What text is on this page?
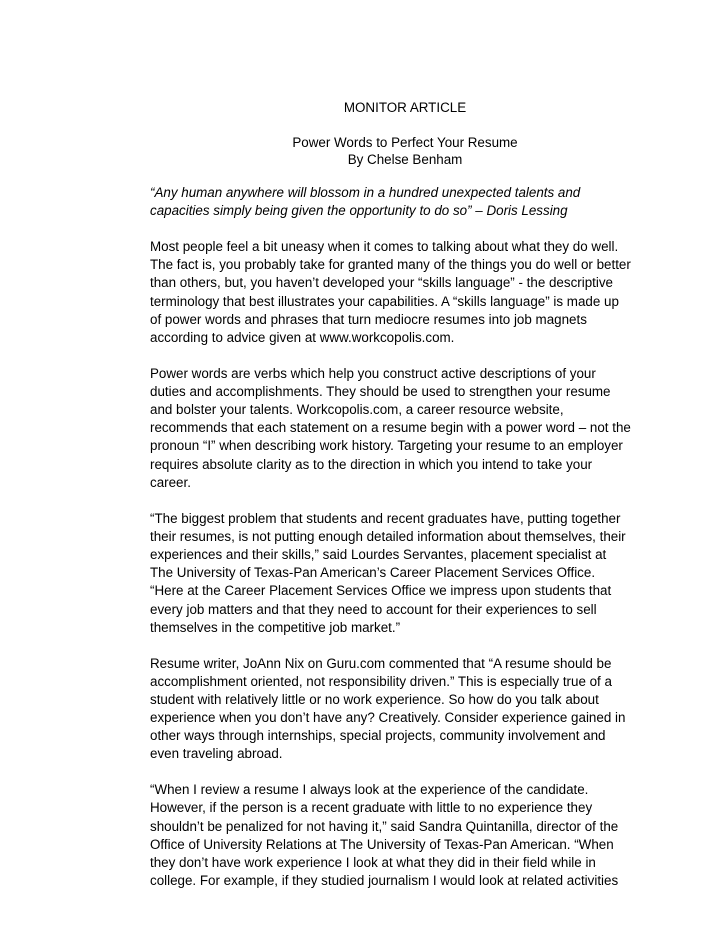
MONITOR ARTICLE
Power Words to Perfect Your Resume
By Chelse Benham
“Any human anywhere will blossom in a hundred unexpected talents and
capacities simply being given the opportunity to do so” – Doris Lessing
Most people feel a bit uneasy when it comes to talking about what they do well.
The fact is, you probably take for granted many of the things you do well or better
than others, but, you haven’t developed your “skills language” - the descriptive
terminology that best illustrates your capabilities. A “skills language” is made up
of power words and phrases that turn mediocre resumes into job magnets
according to advice given at www.workcopolis.com.
Power words are verbs which help you construct active descriptions of your
duties and accomplishments. They should be used to strengthen your resume
and bolster your talents. Workcopolis.com, a career resource website,
recommends that each statement on a resume begin with a power word – not the
pronoun “I” when describing work history. Targeting your resume to an employer
requires absolute clarity as to the direction in which you intend to take your
career.
“The biggest problem that students and recent graduates have, putting together
their resumes, is not putting enough detailed information about themselves, their
experiences and their skills,” said Lourdes Servantes, placement specialist at
The University of Texas-Pan American’s Career Placement Services Office.
“Here at the Career Placement Services Office we impress upon students that
every job matters and that they need to account for their experiences to sell
themselves in the competitive job market.”
Resume writer, JoAnn Nix on Guru.com commented that “A resume should be
accomplishment oriented, not responsibility driven.” This is especially true of a
student with relatively little or no work experience. So how do you talk about
experience when you don’t have any? Creatively. Consider experience gained in
other ways through internships, special projects, community involvement and
even traveling abroad.
“When I review a resume I always look at the experience of the candidate.
However, if the person is a recent graduate with little to no experience they
shouldn’t be penalized for not having it,” said Sandra Quintanilla, director of the
Office of University Relations at The University of Texas-Pan American. “When
they don’t have work experience I look at what they did in their field while in
college. For example, if they studied journalism I would look at related activities
